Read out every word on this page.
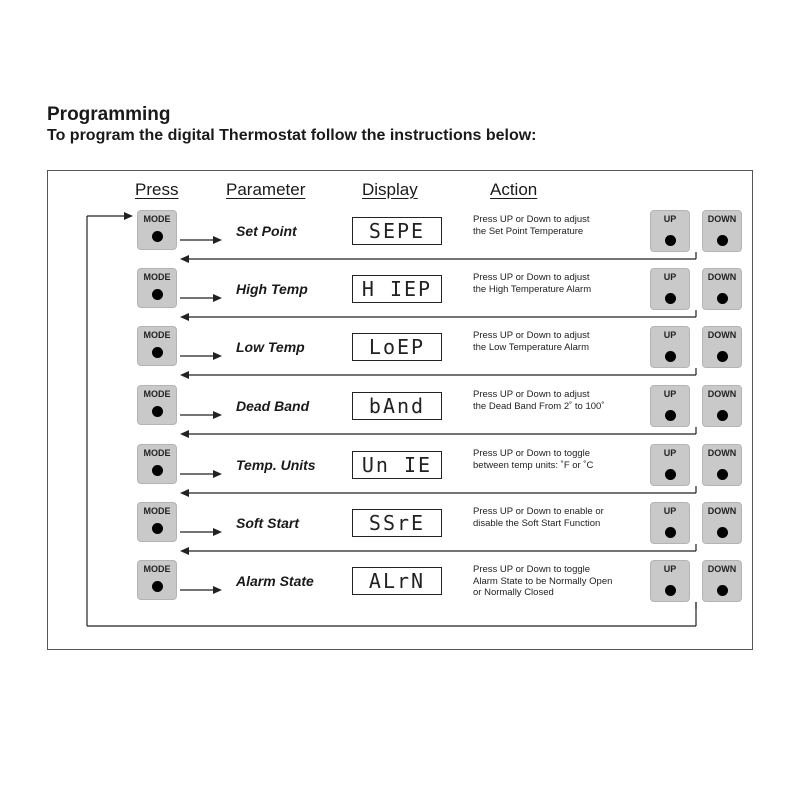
Programming
To program the digital Thermostat follow the instructions below:
Press	Parameter	Display	Action
MODE
Set Point	SEPE	Press UP or Down to adjust
the Set Point Temperature
UP	DOWN
MODE
High Temp	H IEP	Press UP or Down to adjust
the High Temperature Alarm
UP	DOWN
MODE
Low Temp	LoEP	Press UP or Down to adjust
the Low Temperature Alarm
UP	DOWN
MODE
Dead Band	bAnd	Press UP or Down to adjust
the Dead Band From 2˚ to 100˚
UP	DOWN
MODE
Temp. Units	Un IE	Press UP or Down to toggle
between temp units: ˚F or ˚C
UP	DOWN
MODE
Soft Start	SSrE	Press UP or Down to enable or
disable the Soft Start Function
UP	DOWN
MODE
Alarm State	ALrN	Press UP or Down to toggle
Alarm State to be Normally Open
or Normally Closed
UP	DOWN
